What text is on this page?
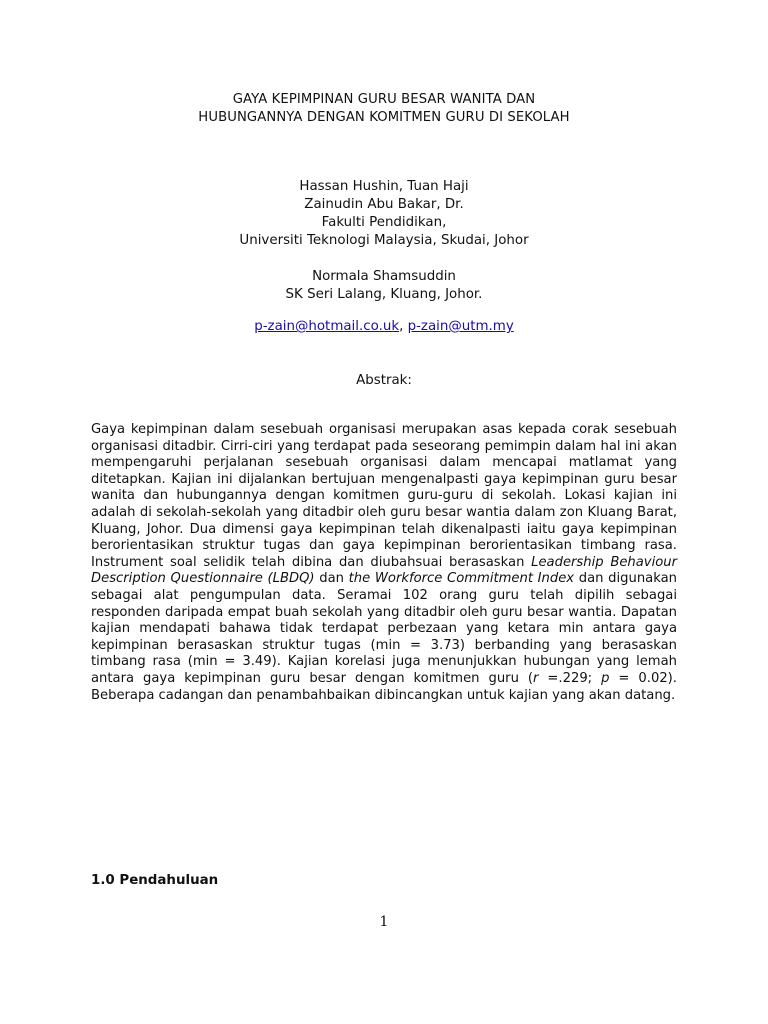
GAYA KEPIMPINAN GURU BESAR WANITA DAN
HUBUNGANNYA DENGAN KOMITMEN GURU DI SEKOLAH
Hassan Hushin, Tuan Haji
Zainudin Abu Bakar, Dr.
Fakulti Pendidikan,
Universiti Teknologi Malaysia, Skudai, Johor
Normala Shamsuddin
SK Seri Lalang, Kluang, Johor.
p-zain@hotmail.co.uk, p-zain@utm.my
Abstrak:
Gaya kepimpinan dalam sesebuah organisasi merupakan asas kepada corak sesebuah organisasi ditadbir. Cirri-ciri yang terdapat pada seseorang pemimpin dalam hal ini akan mempengaruhi perjalanan sesebuah organisasi dalam mencapai matlamat yang ditetapkan. Kajian ini dijalankan bertujuan mengenalpasti gaya kepimpinan guru besar wanita dan hubungannya dengan komitmen guru-guru di sekolah. Lokasi kajian ini adalah di sekolah-sekolah yang ditadbir oleh guru besar wantia dalam zon Kluang Barat, Kluang, Johor. Dua dimensi gaya kepimpinan telah dikenalpasti iaitu gaya kepimpinan berorientasikan struktur tugas dan gaya kepimpinan berorientasikan timbang rasa. Instrument soal selidik telah dibina dan diubahsuai berasaskan Leadership Behaviour Description Questionnaire (LBDQ) dan the Workforce Commitment Index dan digunakan sebagai alat pengumpulan data. Seramai 102 orang guru telah dipilih sebagai responden daripada empat buah sekolah yang ditadbir oleh guru besar wantia. Dapatan kajian mendapati bahawa tidak terdapat perbezaan yang ketara min antara gaya kepimpinan berasaskan struktur tugas (min = 3.73) berbanding yang berasaskan timbang rasa (min = 3.49). Kajian korelasi juga menunjukkan hubungan yang lemah antara gaya kepimpinan guru besar dengan komitmen guru (r =.229; p = 0.02). Beberapa cadangan dan penambahbaikan dibincangkan untuk kajian yang akan datang.
1.0 Pendahuluan
1
